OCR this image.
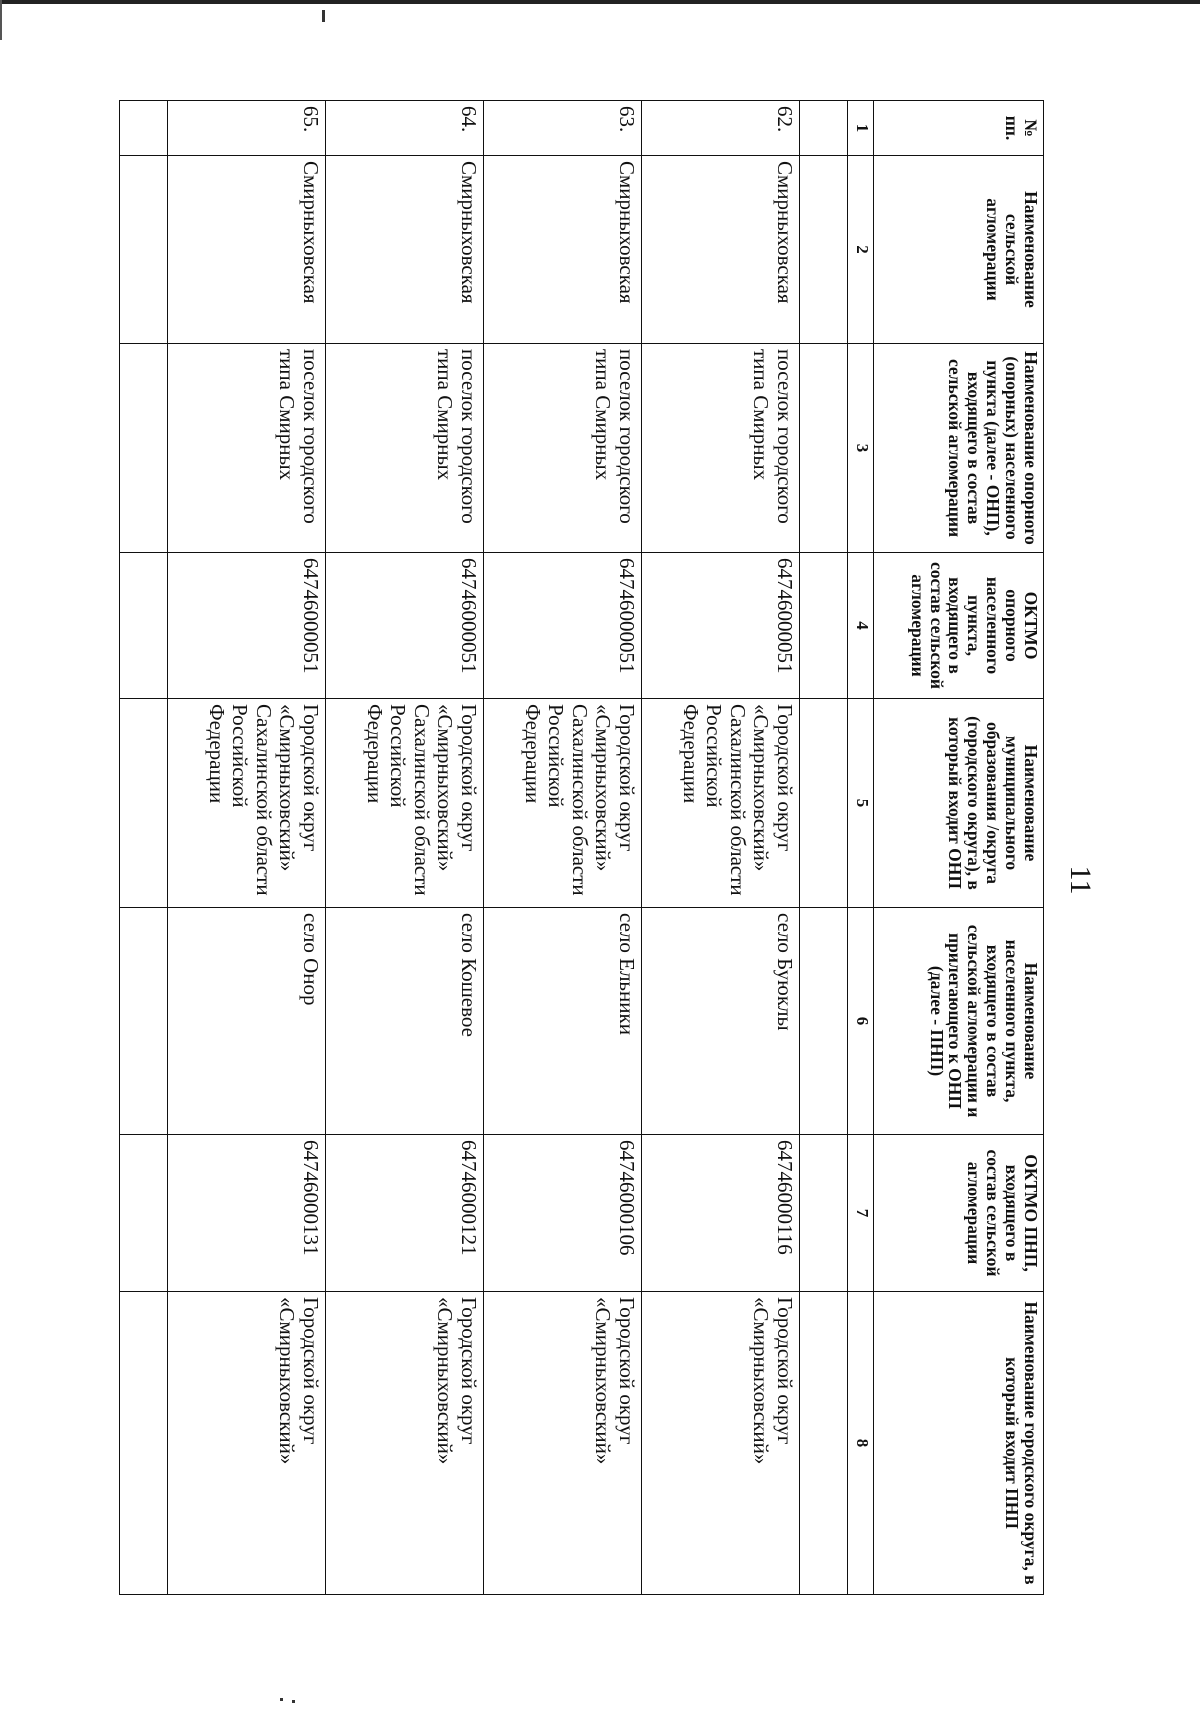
11
№ пп.	Наименование сельской агломерации	Наименование опорного (опорных) населенного пункта (далее - ОНП), входящего в состав сельской агломерации	ОКТМО опорного населенного пункта, входящего в состав сельской агломерации	Наименование муниципального образования /округа (городского округа), в который входит ОНП	Наименование населенного пункта, входящего в состав сельской агломерации и прилегающего к ОНП (далее - ПНП)	ОКТМО ПНП, входящего в состав сельской агломерации	Наименование городского округа, в который входит ПНП
1	2	3	4	5	6	7	8

62.	Смирныховская	поселок городского типа Смирных	64746000051	Городской округ «Смирныховский» Сахалинской области Российской Федерации	село Буюклы	64746000116	Городской округ «Смирныховский»
63.	Смирныховская	поселок городского типа Смирных	64746000051	Городской округ «Смирныховский» Сахалинской области Российской Федерации	село Ельники	64746000106	Городской округ «Смирныховский»
64.	Смирныховская	поселок городского типа Смирных	64746000051	Городской округ «Смирныховский» Сахалинской области Российской Федерации	село Кошевое	64746000121	Городской округ «Смирныховский»
65.	Смирныховская	поселок городского типа Смирных	64746000051	Городской округ «Смирныховский» Сахалинской области Российской Федерации	село Онор	64746000131	Городской округ «Смирныховский»
